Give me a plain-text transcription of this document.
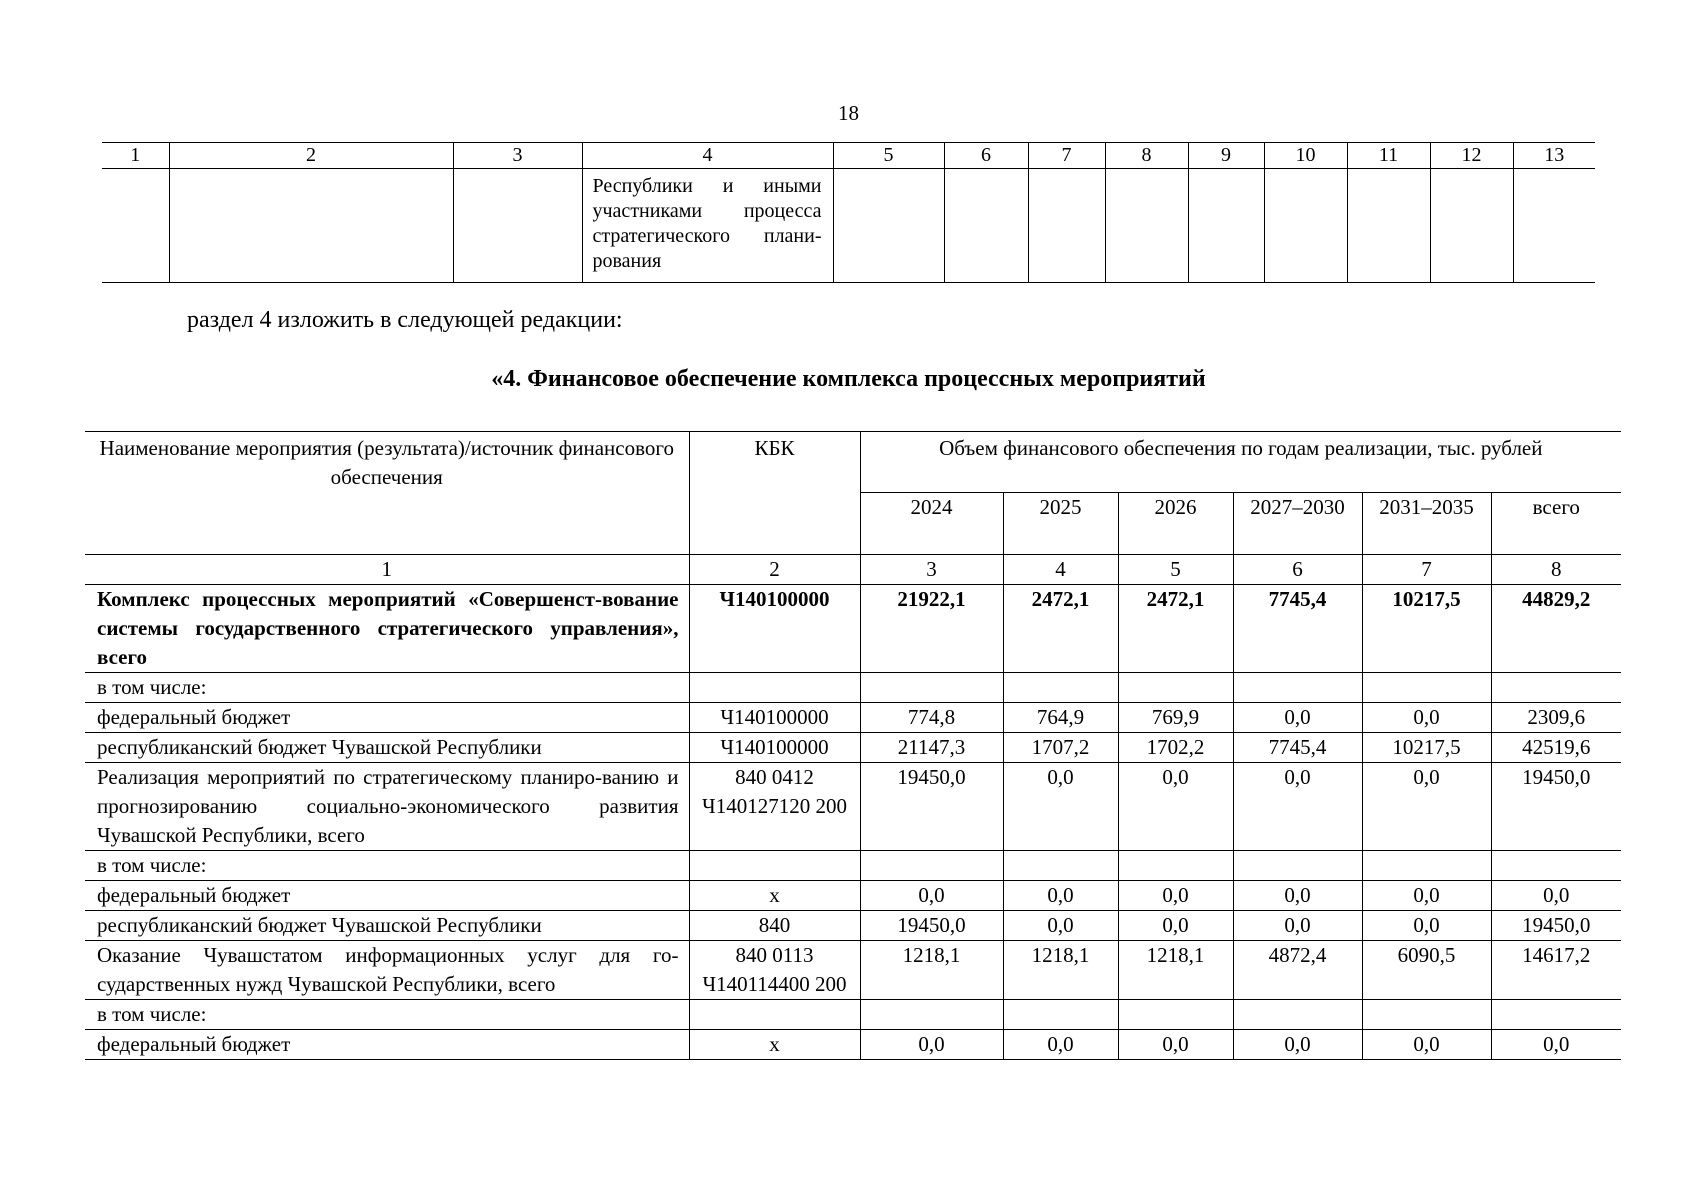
18
1	2	3	4	5	6	7	8	9	10	11	12	13
			Республики и иными участниками процесса стратегического плани-рования									
раздел 4 изложить в следующей редакции:
«4. Финансовое обеспечение комплекса процессных мероприятий
Наименование мероприятия (результата)/источник финансового обеспечения	КБК	Объем финансового обеспечения по годам реализации, тыс. рублей					
		2024	2025	2026	2027–2030	2031–2035	всего
1	2	3	4	5	6	7	8
Комплекс процессных мероприятий «Совершенст-вование системы государственного стратегического управления», всего	Ч140100000	21922,1	2472,1	2472,1	7745,4	10217,5	44829,2
в том числе:							
федеральный бюджет	Ч140100000	774,8	764,9	769,9	0,0	0,0	2309,6
республиканский бюджет Чувашской Республики	Ч140100000	21147,3	1707,2	1702,2	7745,4	10217,5	42519,6
Реализация мероприятий по стратегическому планиро-ванию и прогнозированию социально-экономического развития Чувашской Республики, всего	840 0412 Ч140127120 200	19450,0	0,0	0,0	0,0	0,0	19450,0
в том числе:							
федеральный бюджет	x	0,0	0,0	0,0	0,0	0,0	0,0
республиканский бюджет Чувашской Республики	840	19450,0	0,0	0,0	0,0	0,0	19450,0
Оказание Чувашстатом информационных услуг для го-сударственных нужд Чувашской Республики, всего	840 0113 Ч140114400 200	1218,1	1218,1	1218,1	4872,4	6090,5	14617,2
в том числе:							
федеральный бюджет	x	0,0	0,0	0,0	0,0	0,0	0,0
